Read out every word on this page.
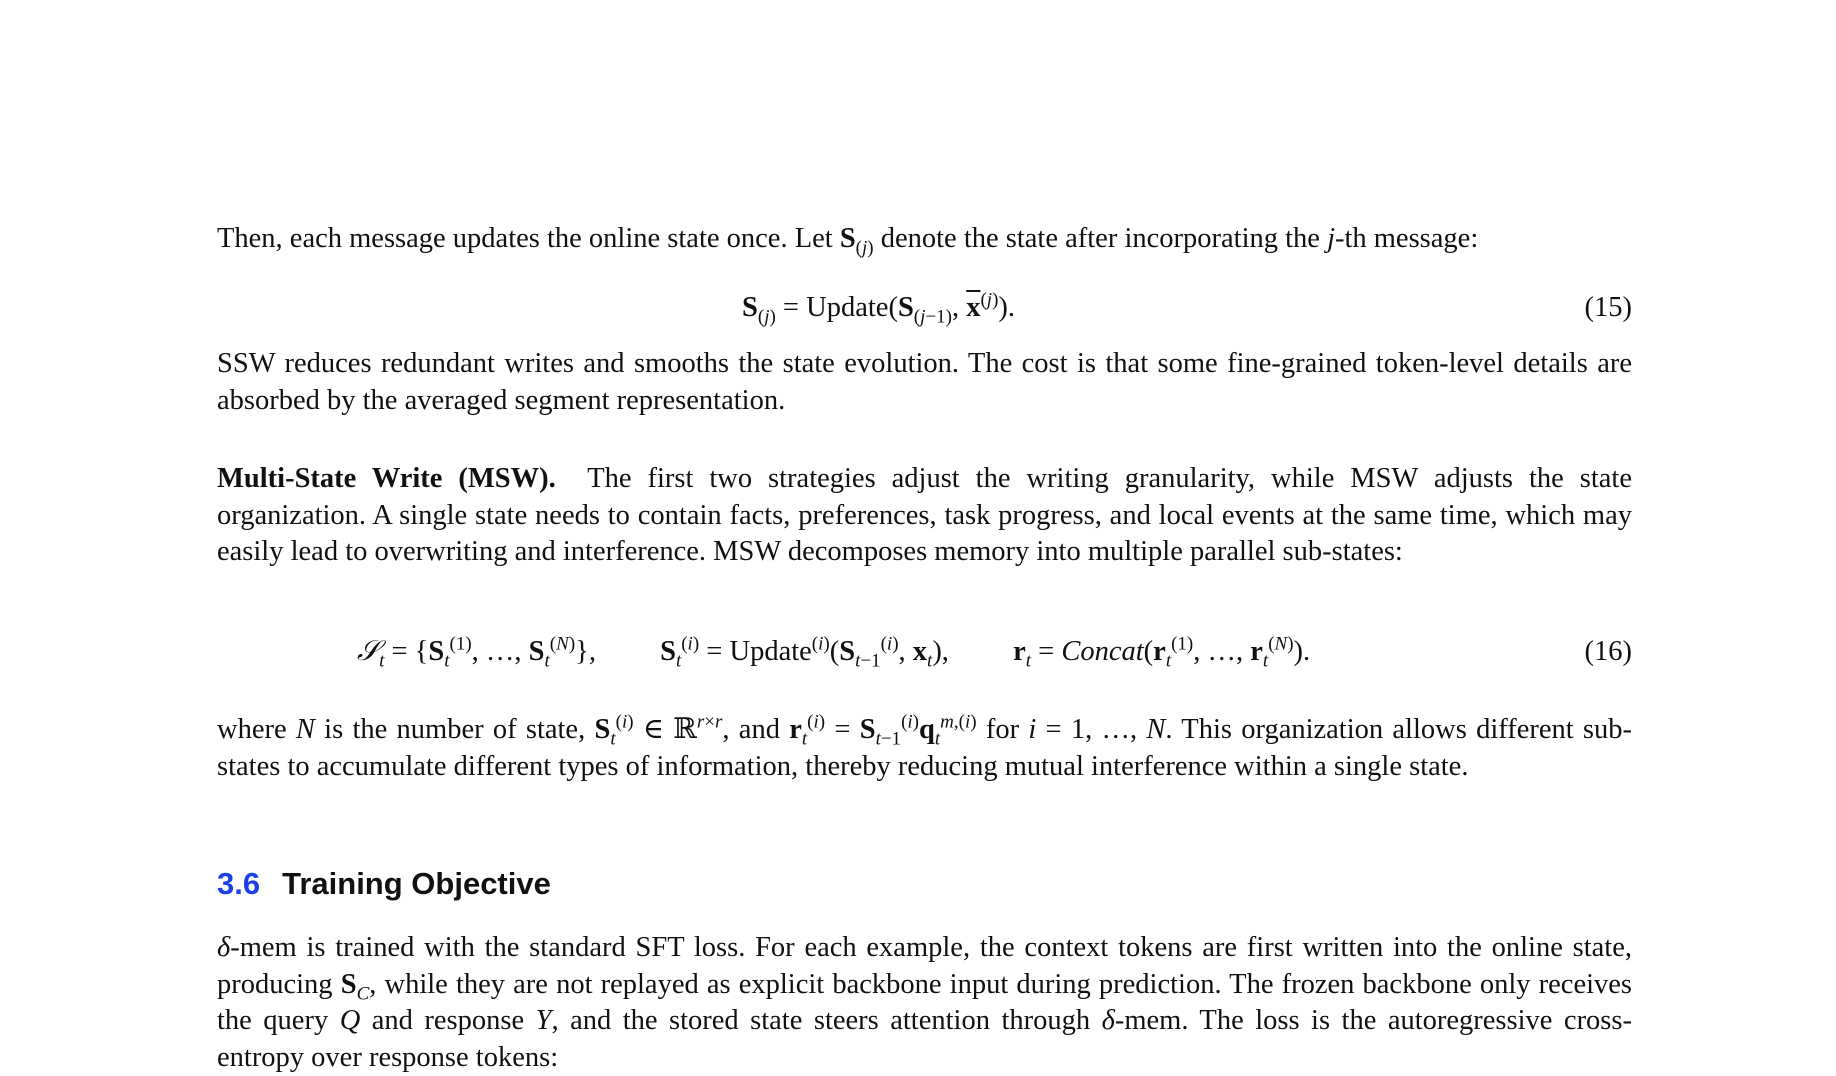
Then, each message updates the online state once. Let $S_{(j)}$ denote the state after incorporating the j-th message:
$S_{(j)}$ = $Update(S_{(j-1)}$, $\overline{x}^{(j)}$).	(15)
SSW reduces redundant writes and smooths the state evolution. The cost is that some fine-grained token-level details are absorbed by the averaged segment representation.
Multi-State Write (MSW). The first two strategies adjust the writing granularity, while MSW adjusts the state organization. A single state needs to contain facts, preferences, task progress, and local events at the same time, which may easily lead to overwriting and interference. MSW decomposes memory into multiple parallel sub-states:
𝒮$_t$ = {$S_t^{(1)}$, …, $S_t^{(N)}$},         $S_t^{(i)}$ = $Update^{(i)}(S_{t-1}^{(i)}$, $x_t$),         $r_t$ = $Concat(r_t^{(1)}$, …, $r_t^{(N)}$).	(16)
where N is the number of state, $S_t^{(i)}$ ∈ ℝ$^{r\times r}$, and $r_t^{(i)} = S_{t-1}^{(i)}q_t^{m,(i)}$ for i = 1, …, N. This organization allows different sub-states to accumulate different types of information, thereby reducing mutual interference within a single state.
3.6 Training Objective
δ-mem is trained with the standard SFT loss. For each example, the context tokens are first written into the online state, producing $S_C$, while they are not replayed as explicit backbone input during prediction. The frozen backbone only receives the query Q and response Y, and the stored state steers attention through δ-mem. The loss is the autoregressive cross-entropy over response tokens:
